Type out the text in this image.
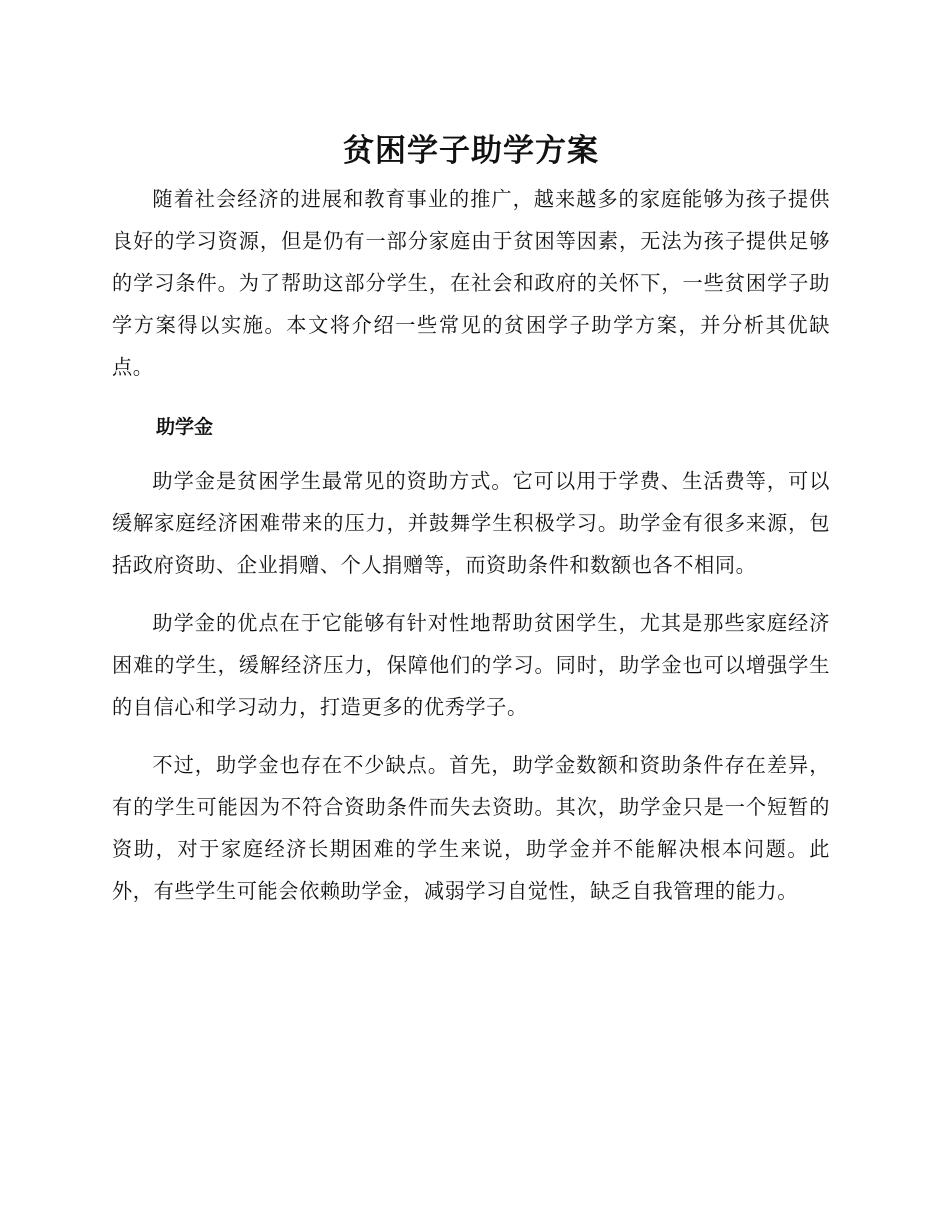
贫困学子助学方案

随着社会经济的进展和教育事业的推广，越来越多的家庭能够为孩子提供良好的学习资源，但是仍有一部分家庭由于贫困等因素，无法为孩子提供足够的学习条件。为了帮助这部分学生，在社会和政府的关怀下，一些贫困学子助学方案得以实施。本文将介绍一些常见的贫困学子助学方案，并分析其优缺点。

助学金

助学金是贫困学生最常见的资助方式。它可以用于学费、生活费等，可以缓解家庭经济困难带来的压力，并鼓舞学生积极学习。助学金有很多来源，包括政府资助、企业捐赠、个人捐赠等，而资助条件和数额也各不相同。

助学金的优点在于它能够有针对性地帮助贫困学生，尤其是那些家庭经济困难的学生，缓解经济压力，保障他们的学习。同时，助学金也可以增强学生的自信心和学习动力，打造更多的优秀学子。

不过，助学金也存在不少缺点。首先，助学金数额和资助条件存在差异，有的学生可能因为不符合资助条件而失去资助。其次，助学金只是一个短暂的资助，对于家庭经济长期困难的学生来说，助学金并不能解决根本问题。此外，有些学生可能会依赖助学金，减弱学习自觉性，缺乏自我管理的能力。
